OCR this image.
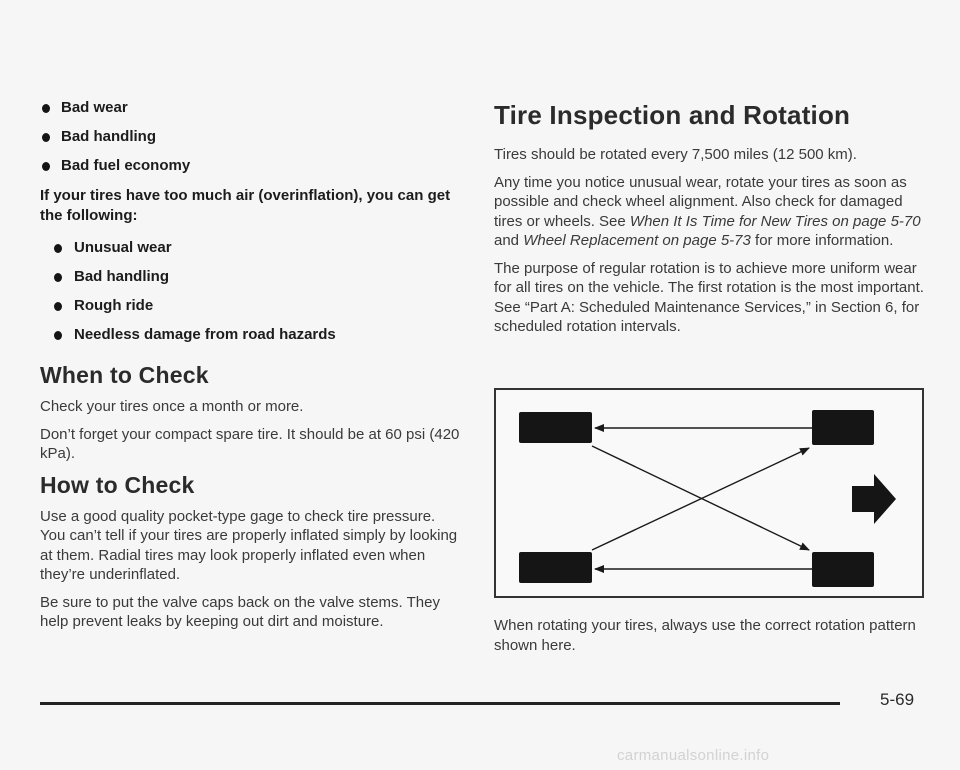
Bad wear
Bad handling
Bad fuel economy

If your tires have too much air (overinflation), you can get the following:

Unusual wear
Bad handling
Rough ride
Needless damage from road hazards
When to Check

Check your tires once a month or more.

Don’t forget your compact spare tire. It should be at 60 psi (420 kPa).

How to Check

Use a good quality pocket-type gage to check tire pressure. You can’t tell if your tires are properly inflated simply by looking at them. Radial tires may look properly inflated even when they’re underinflated.

Be sure to put the valve caps back on the valve stems. They help prevent leaks by keeping out dirt and moisture.

Tire Inspection and Rotation

Tires should be rotated every 7,500 miles (12 500 km).

Any time you notice unusual wear, rotate your tires as soon as possible and check wheel alignment. Also check for damaged tires or wheels. See When It Is Time for New Tires on page 5-70 and Wheel Replacement on page 5-73 for more information.

The purpose of regular rotation is to achieve more uniform wear for all tires on the vehicle. The first rotation is the most important. See “Part A: Scheduled Maintenance Services,” in Section 6, for scheduled rotation intervals.

When rotating your tires, always use the correct rotation pattern shown here.

5-69
carmanualsonline.info
